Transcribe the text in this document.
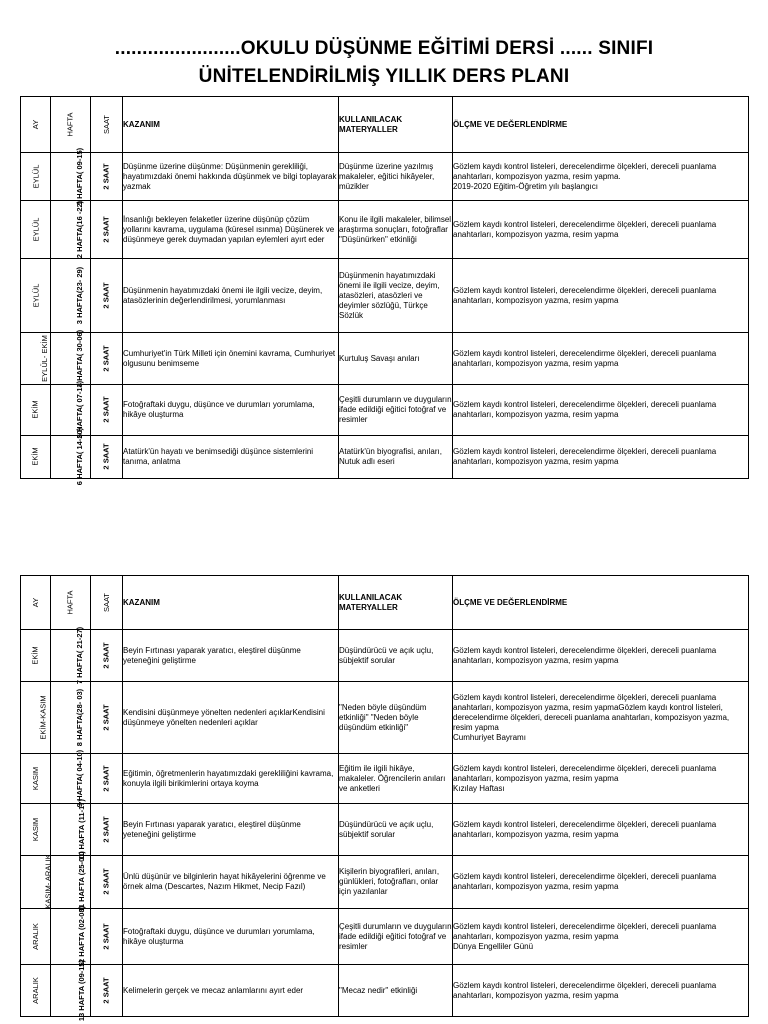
.......................OKULU DÜŞÜNME EĞİTİMİ DERSİ ...... SINIFI
ÜNİTELENDİRİLMİŞ YILLIK DERS PLANI
AY	HAFTA	SAAT	KAZANIM	KULLANILACAK MATERYALLER	ÖLÇME VE DEĞERLENDİRME
EYLÜL	1 HAFTA( 09-15)	2 SAAT	Düşünme üzerine düşünme: Düşünmenin gerekliliği, hayatımızdaki önemi hakkında düşünmek ve bilgi toplayarak yazmak	Düşünme üzerine yazılmış makaleler, eğitici hikâyeler, müzikler	Gözlem kaydı kontrol listeleri, derecelendirme ölçekleri, dereceli puanlama anahtarları, kompozisyon yazma, resim yapma.
2019-2020 Eğitim-Öğretim yılı başlangıcı

EYLÜL	2 HAFTA(16 -22)	2 SAAT	İnsanlığı bekleyen felaketler üzerine düşünüp çözüm yollarını kavrama, uygulama (küresel ısınma) Düşünerek ve düşünmeye gerek duymadan yapılan eylemleri ayırt eder	Konu ile ilgili makaleler, bilimsel araştırma sonuçları, fotoğraflar "Düşünürken" etkinliği	Gözlem kaydı kontrol listeleri, derecelendirme ölçekleri, dereceli puanlama anahtarları, kompozisyon yazma, resim yapma

EYLÜL	3 HAFTA(23- 29)	2 SAAT	Düşünmenin hayatımızdaki önemi ile ilgili vecize, deyim, atasözlerinin değerlendirilmesi, yorumlanması	Düşünmenin hayatımızdaki önemi ile ilgili vecize, deyim, atasözleri, atasözleri ve deyimler sözlüğü, Türkçe Sözlük	Gözlem kaydı kontrol listeleri, derecelendirme ölçekleri, dereceli puanlama anahtarları, kompozisyon yazma, resim yapma

EYLÜL- EKİM	4 HAFTA( 30-06)	2 SAAT	Cumhuriyet'in Türk Milleti için önemini kavrama, Cumhuriyet olgusunu benimseme	Kurtuluş Savaşı anıları	Gözlem kaydı kontrol listeleri, derecelendirme ölçekleri, dereceli puanlama anahtarları, kompozisyon yazma, resim yapma

EKİM	5 HAFTA( 07-13)	2 SAAT	Fotoğraftaki duygu, düşünce ve durumları yorumlama, hikâye oluşturma	Çeşitli durumların ve duyguların ifade edildiği eğitici fotoğraf ve resimler	Gözlem kaydı kontrol listeleri, derecelendirme ölçekleri, dereceli puanlama anahtarları, kompozisyon yazma, resim yapma

EKİM	6 HAFTA( 14-20)	2 SAAT	Atatürk'ün hayatı ve benimsediği düşünce sistemlerini tanıma, anlatma	Atatürk'ün biyografisi, anıları, Nutuk adlı eseri	Gözlem kaydı kontrol listeleri, derecelendirme ölçekleri, dereceli puanlama anahtarları, kompozisyon yazma, resim yapma
AY	HAFTA	SAAT	KAZANIM	KULLANILACAK MATERYALLER	ÖLÇME VE DEĞERLENDİRME
EKİM	7 HAFTA( 21-27)	2 SAAT	Beyin Fırtınası yaparak yaratıcı, eleştirel düşünme yeteneğini geliştirme	Düşündürücü ve açık uçlu, sübjektif sorular	Gözlem kaydı kontrol listeleri, derecelendirme ölçekleri, dereceli puanlama anahtarları, kompozisyon yazma, resim yapma

EKİM-KASIM	8 HAFTA(28- 03)	2 SAAT	Kendisini düşünmeye yönelten nedenleri açıklarKendisini düşünmeye yönelten nedenleri açıklar	"Neden böyle düşündüm etkinliği" "Neden böyle düşündüm etkinliği"	Gözlem kaydı kontrol listeleri, derecelendirme ölçekleri, dereceli puanlama anahtarları, kompozisyon yazma, resim yapmaGözlem kaydı kontrol listeleri, derecelendirme ölçekleri, dereceli puanlama anahtarları, kompozisyon yazma, resim yapma
Cumhuriyet Bayramı

KASIM	9 HAFTA( 04-10)	2 SAAT	Eğitimin, öğretmenlerin hayatımızdaki gerekliliğini kavrama, konuyla ilgili birikimlerini ortaya koyma	Eğitim ile ilgili hikâye, makaleler. Öğrencilerin anıları ve anketleri	Gözlem kaydı kontrol listeleri, derecelendirme ölçekleri, dereceli puanlama anahtarları, kompozisyon yazma, resim yapma
Kızılay Haftası

KASIM	10 HAFTA (11-17)	2 SAAT	Beyin Fırtınası yaparak yaratıcı, eleştirel düşünme yeteneğini geliştirme	Düşündürücü ve açık uçlu, sübjektif sorular	Gözlem kaydı kontrol listeleri, derecelendirme ölçekleri, dereceli puanlama anahtarları, kompozisyon yazma, resim yapma

KASIM- ARALIK	11 HAFTA (25-01)	2 SAAT	Ünlü düşünür ve bilginlerin hayat hikâyelerini öğrenme ve örnek alma (Descartes, Nazım Hikmet, Necip Fazıl)	Kişilerin biyografileri, anıları, günlükleri, fotoğrafları, onlar için yazılanlar	Gözlem kaydı kontrol listeleri, derecelendirme ölçekleri, dereceli puanlama anahtarları, kompozisyon yazma, resim yapma

ARALIK	12 HAFTA (02-08)	2 SAAT	Fotoğraftaki duygu, düşünce ve durumları yorumlama, hikâye oluşturma	Çeşitli durumların ve duyguların ifade edildiği eğitici fotoğraf ve resimler	Gözlem kaydı kontrol listeleri, derecelendirme ölçekleri, dereceli puanlama anahtarları, kompozisyon yazma, resim yapma
Dünya Engelliler Günü

ARALIK	13 HAFTA (09-15)	2 SAAT	Kelimelerin gerçek ve mecaz anlamlarını ayırt eder	"Mecaz nedir" etkinliği	Gözlem kaydı kontrol listeleri, derecelendirme ölçekleri, dereceli puanlama anahtarları, kompozisyon yazma, resim yapma
